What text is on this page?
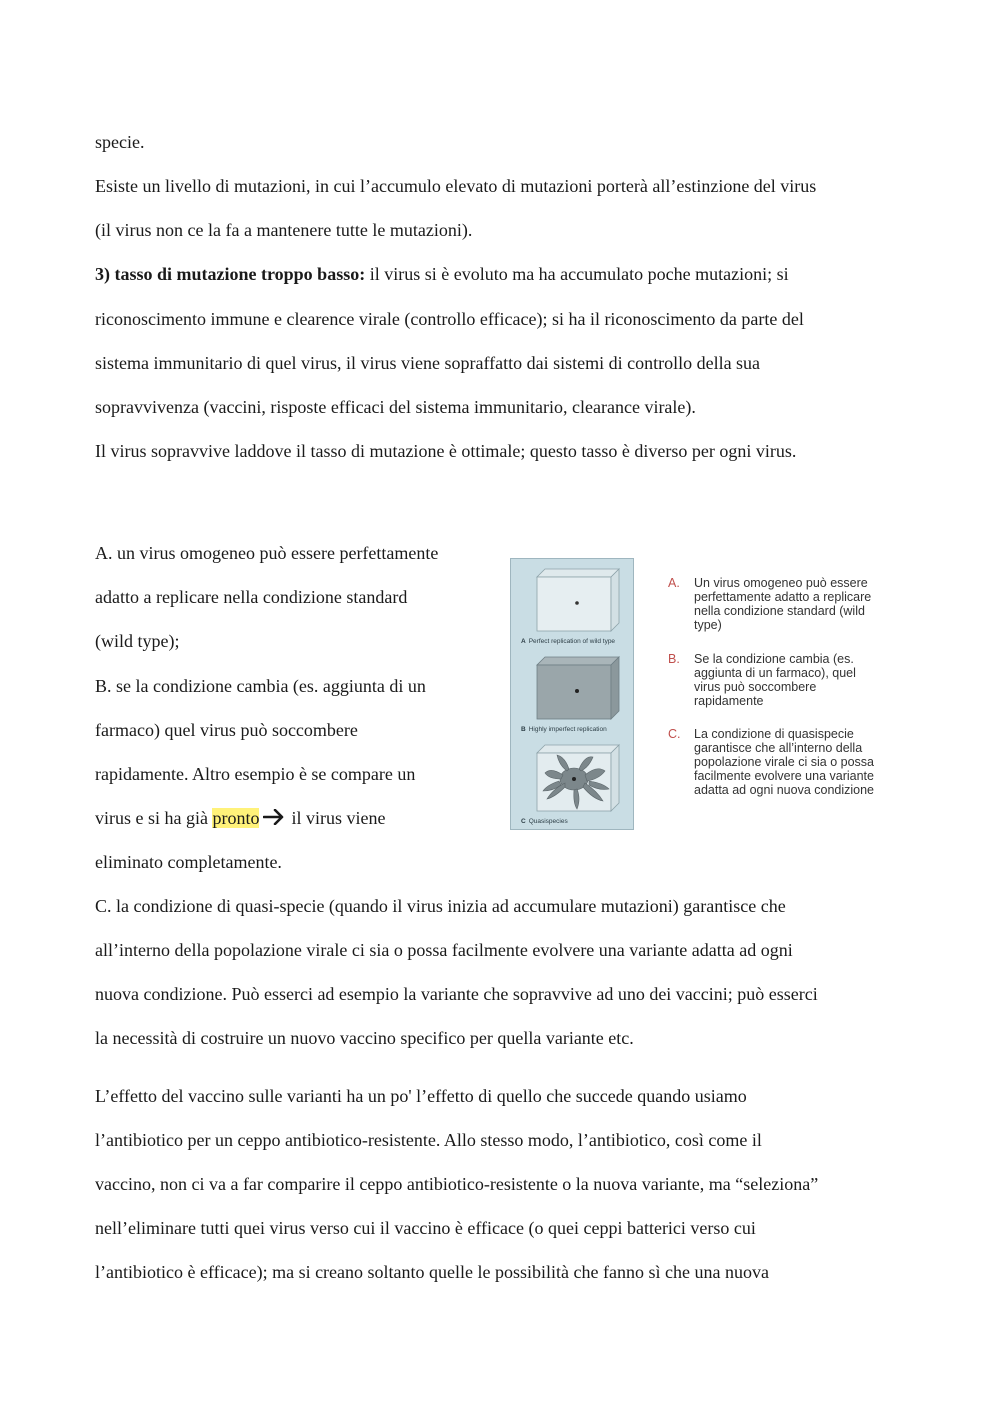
specie.
Esiste un livello di mutazioni, in cui l’accumulo elevato di mutazioni porterà all’estinzione del virus
(il virus non ce la fa a mantenere tutte le mutazioni).
3) tasso di mutazione troppo basso: il virus si è evoluto ma ha accumulato poche mutazioni; si
riconoscimento immune e clearence virale (controllo efficace); si ha il riconoscimento da parte del
sistema immunitario di quel virus, il virus viene sopraffatto dai sistemi di controllo della sua
sopravvivenza (vaccini, risposte efficaci del sistema immunitario, clearance virale).
Il virus sopravvive laddove il tasso di mutazione è ottimale; questo tasso è diverso per ogni virus.
A. un virus omogeneo può essere perfettamente
adatto a replicare nella condizione standard
(wild type);
B. se la condizione cambia (es. aggiunta di un
farmaco) quel virus può soccombere
rapidamente. Altro esempio è se compare un
virus e si ha già pronto il virus viene
eliminato completamente.
A Perfect replication of wild type
B Highly imperfect replication
C Quasispecies
A. Un virus omogeneo può essere
perfettamente adatto a replicare
nella condizione standard (wild
type)
B. Se la condizione cambia (es.
aggiunta di un farmaco), quel
virus può soccombere
rapidamente
C. La condizione di quasispecie
garantisce che all’interno della
popolazione virale ci sia o possa
facilmente evolvere una variante
adatta ad ogni nuova condizione
C. la condizione di quasi‑specie (quando il virus inizia ad accumulare mutazioni) garantisce che
all’interno della popolazione virale ci sia o possa facilmente evolvere una variante adatta ad ogni
nuova condizione. Può esserci ad esempio la variante che sopravvive ad uno dei vaccini; può esserci
la necessità di costruire un nuovo vaccino specifico per quella variante etc.
L’effetto del vaccino sulle varianti ha un po' l’effetto di quello che succede quando usiamo
l’antibiotico per un ceppo antibiotico‑resistente. Allo stesso modo, l’antibiotico, così come il
vaccino, non ci va a far comparire il ceppo antibiotico‑resistente o la nuova variante, ma “seleziona”
nell’eliminare tutti quei virus verso cui il vaccino è efficace (o quei ceppi batterici verso cui
l’antibiotico è efficace); ma si creano soltanto quelle le possibilità che fanno sì che una nuova
